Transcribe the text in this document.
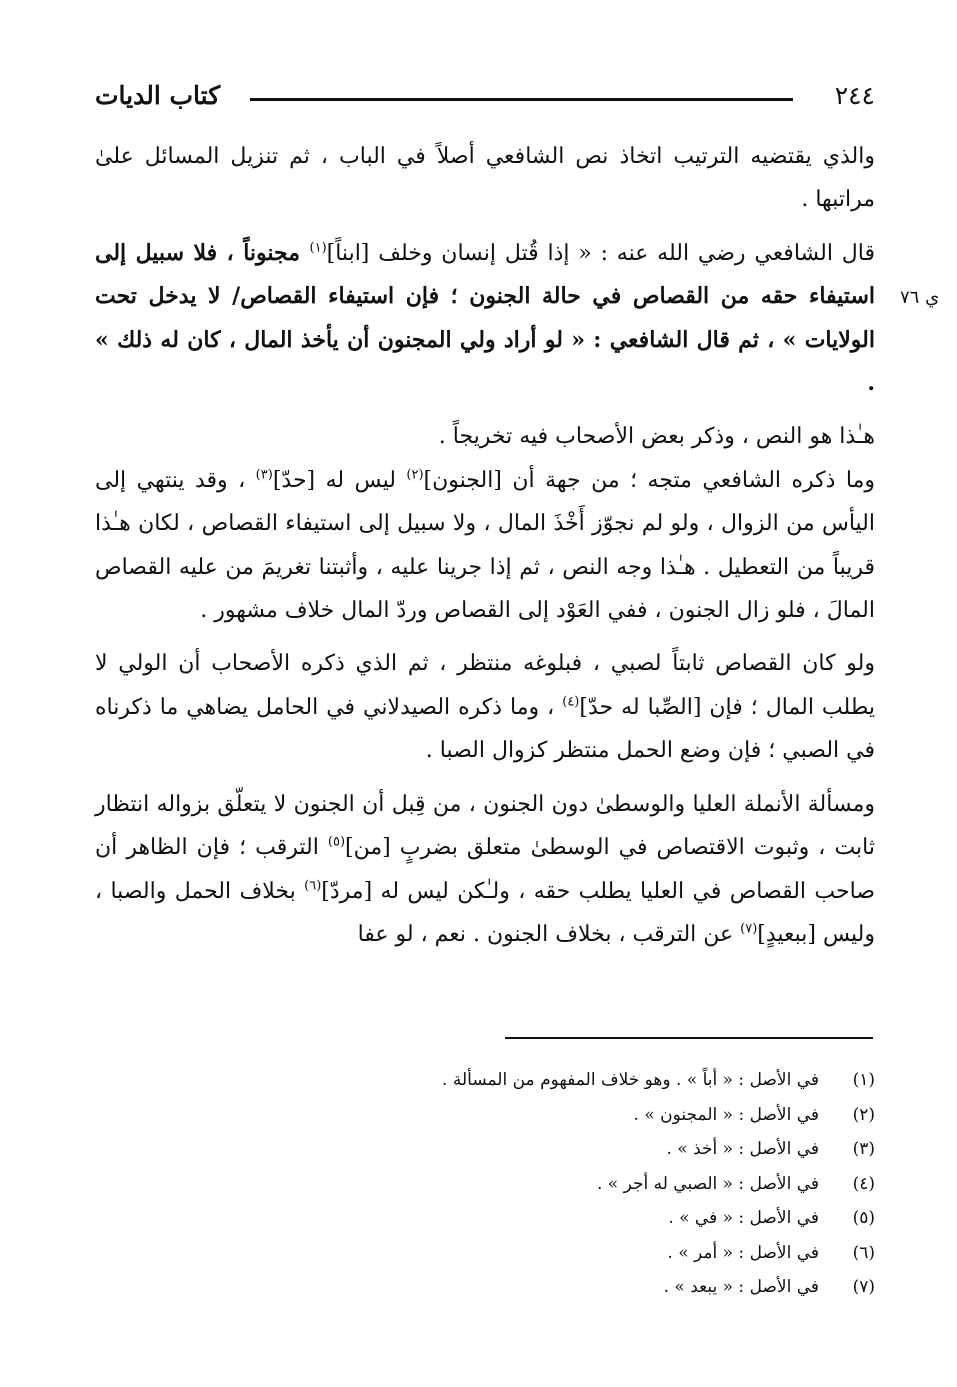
٢٤٤
كتاب الديات
ي ٧٦

والذي يقتضيه الترتيب اتخاذ نص الشافعي أصلاً في الباب ، ثم تنزيل المسائل علىٰ مراتبها .

قال الشافعي رضي الله عنه : « إذا قُتل إنسان وخلف [ابناً]$^{(١)}$ مجنوناً ، فلا سبيل إلى استيفاء حقه من القصاص في حالة الجنون ؛ فإن استيفاء القصاص/ لا يدخل تحت الولايات » ، ثم قال الشافعي : « لو أراد ولي المجنون أن يأخذ المال ، كان له ذلك » .

هـٰذا هو النص ، وذكر بعض الأصحاب فيه تخريجاً .

وما ذكره الشافعي متجه ؛ من جهة أن [الجنون]$^{(٢)}$ ليس له [حدّ]$^{(٣)}$ ، وقد ينتهي إلى اليأس من الزوال ، ولو لم نجوّز أَخْذَ المال ، ولا سبيل إلى استيفاء القصاص ، لكان هـٰذا قريباً من التعطيل . هـٰذا وجه النص ، ثم إذا جرينا عليه ، وأثبتنا تغريمَ من عليه القصاص المالَ ، فلو زال الجنون ، ففي العَوْد إلى القصاص وردّ المال خلاف مشهور .

ولو كان القصاص ثابتاً لصبي ، فبلوغه منتظر ، ثم الذي ذكره الأصحاب أن الولي لا يطلب المال ؛ فإن [الصِّبا له حدّ]$^{(٤)}$ ، وما ذكره الصيدلاني في الحامل يضاهي ما ذكرناه في الصبي ؛ فإن وضع الحمل منتظر كزوال الصبا .

ومسألة الأنملة العليا والوسطىٰ دون الجنون ، من قِبل أن الجنون لا يتعلّق بزواله انتظار ثابت ، وثبوت الاقتصاص في الوسطىٰ متعلق بضربٍ [من]$^{(٥)}$ الترقب ؛ فإن الظاهر أن صاحب القصاص في العليا يطلب حقه ، ولـٰكن ليس له [مردّ]$^{(٦)}$ بخلاف الحمل والصبا ، وليس [ببعيدٍ]$^{(٧)}$ عن الترقب ، بخلاف الجنون . نعم ، لو عفا

(١)
في الأصل : « أباً » . وهو خلاف المفهوم من المسألة .
(٢)
في الأصل : « المجنون » .
(٣)
في الأصل : « أخذ » .
(٤)
في الأصل : « الصبي له أجر » .
(٥)
في الأصل : « في » .
(٦)
في الأصل : « أمر » .
(٧)
في الأصل : « يبعد » .
